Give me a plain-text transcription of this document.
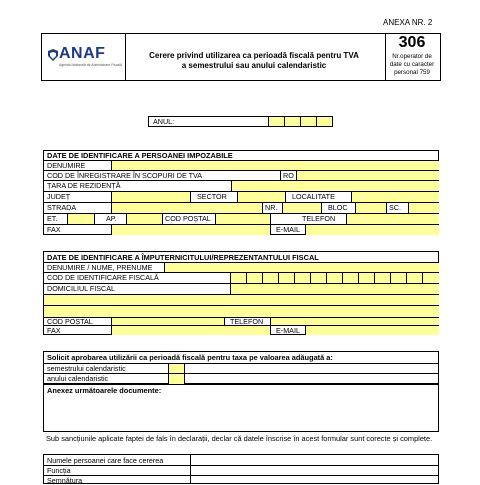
ANEXA NR. 2
ANAF
Agenția Națională de Administrare Fiscală
Cerere privind utilizarea ca perioadă fiscală pentru TVA
a semestrului sau anului calendaristic
306
Nr.operator de date cu caracter personal 759
ANUL:
DATE DE IDENTIFICARE A PERSOANEI IMPOZABILE
DENUMIRE
COD DE ÎNREGISTRARE ÎN SCOPURI DE TVA	RO
ȚARA DE REZIDENȚĂ
JUDEȚ	SECTOR	LOCALITATE
STRADA	NR.	BLOC	SC.
ET.	AP.	COD POȘTAL	TELEFON
FAX	E-MAIL
DATE DE IDENTIFICARE A ÎMPUTERNICITULUI/REPREZENTANTULUI FISCAL
DENUMIRE / NUME, PRENUME
COD DE IDENTIFICARE FISCALĂ
DOMICILIUL FISCAL
COD POȘTAL	TELEFON
FAX	E-MAIL
Solicit aprobarea utilizării ca perioadă fiscală pentru taxa pe valoarea adăugată a:
semestrului calendaristic
anului calendaristic
Anexez următoarele documente:
Sub sancțiunile aplicate faptei de fals în declarații, declar că datele înscrise în acest formular sunt corecte și complete.
Numele persoanei care face cererea
Funcția
Semnătura
